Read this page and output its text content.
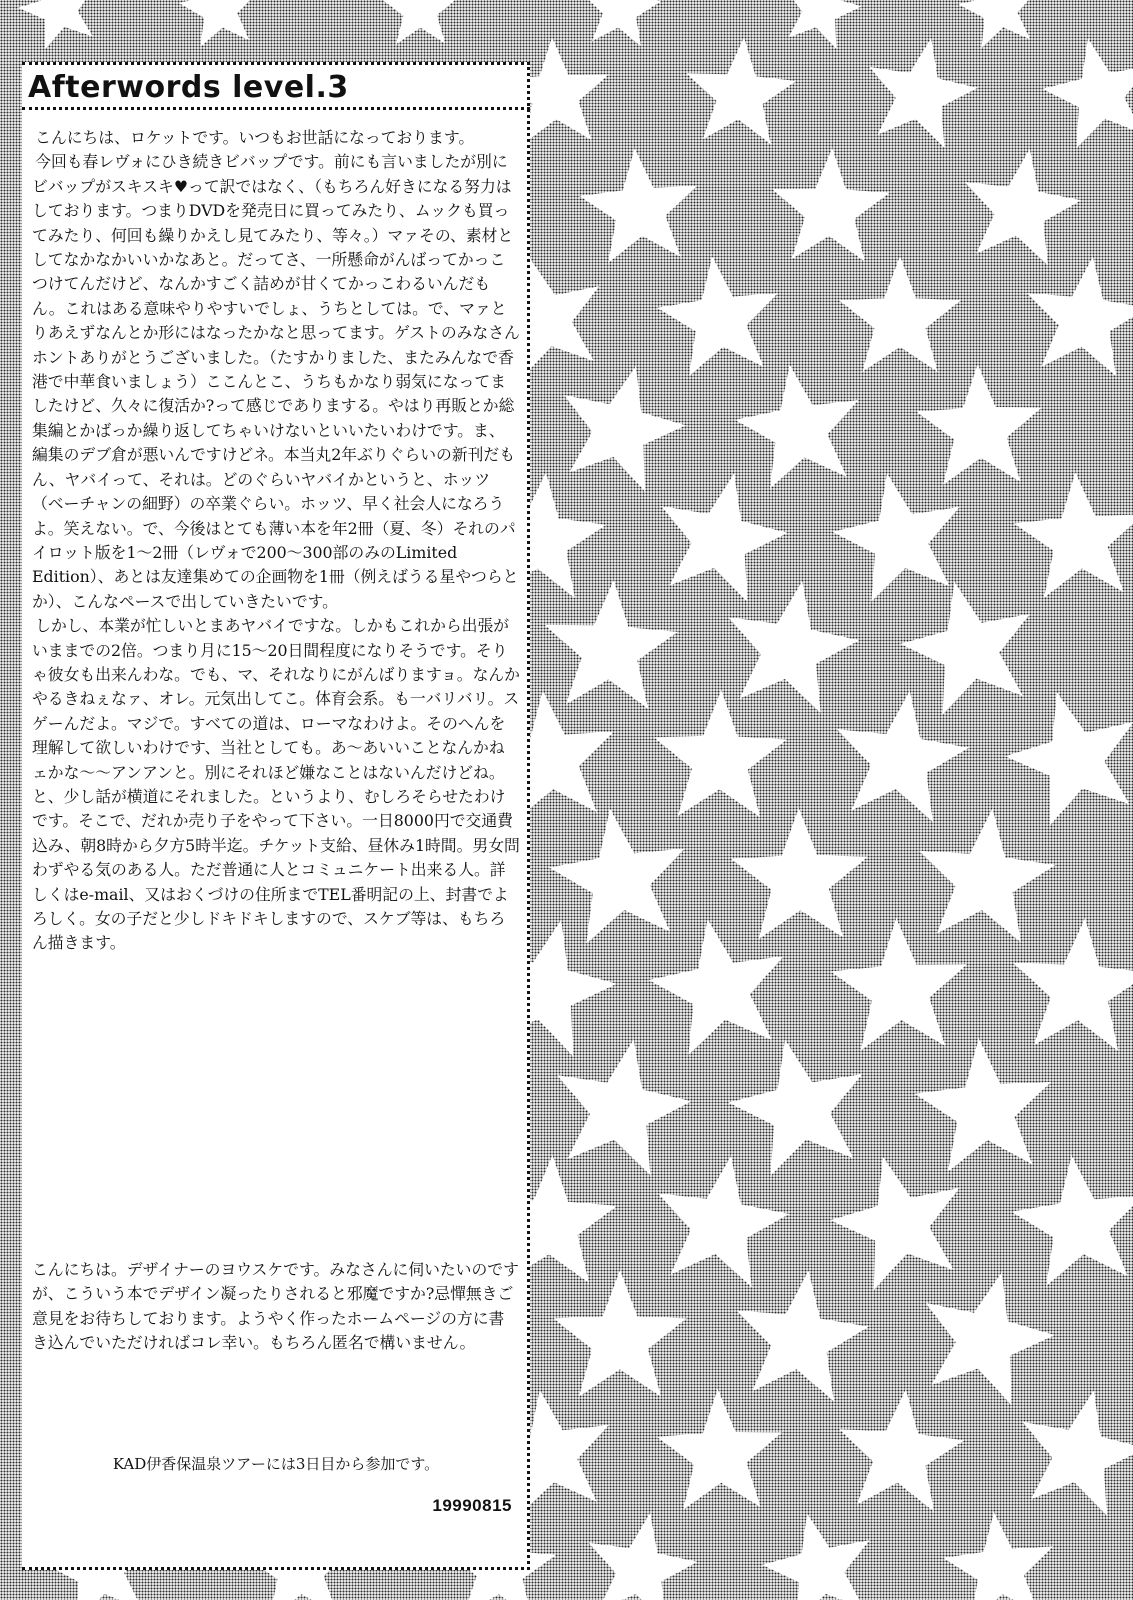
Afterwords level.3

こんにちは、ロケットです。いつもお世話になっております。

今回も春レヴォにひき続きビバップです。前にも言いましたが別にビバップがスキスキ♥って訳ではなく、（もちろん好きになる努力はしております。つまりDVDを発売日に買ってみたり、ムックも買ってみたり、何回も繰りかえし見てみたり、等々。）マァその、素材としてなかなかいいかなあと。だってさ、一所懸命がんばってかっこつけてんだけど、なんかすごく詰めが甘くてかっこわるいんだもん。これはある意味やりやすいでしょ、うちとしては。で、マァとりあえずなんとか形にはなったかなと思ってます。ゲストのみなさんホントありがとうございました。（たすかりました、またみんなで香港で中華食いましょう）ここんとこ、うちもかなり弱気になってましたけど、久々に復活か?って感じでありまする。やはり再販とか総集編とかばっか繰り返してちゃいけないといいたいわけです。ま、編集のデブ倉が悪いんですけどネ。本当丸2年ぶりぐらいの新刊だもん、ヤバイって、それは。どのぐらいヤバイかというと、ホッツ（ベーチャンの細野）の卒業ぐらい。ホッツ、早く社会人になろうよ。笑えない。で、今後はとても薄い本を年2冊（夏、冬）それのパイロット版を1～2冊（レヴォで200～300部のみのLimited Edition）、あとは友達集めての企画物を1冊（例えばうる星やつらとか）、こんなペースで出していきたいです。

しかし、本業が忙しいとまあヤバイですな。しかもこれから出張がいままでの2倍。つまり月に15～20日間程度になりそうです。そりゃ彼女も出来んわな。でも、マ、それなりにがんばりますョ。なんかやるきねぇなァ、オレ。元気出してこ。体育会系。も一バリバリ。スゲーんだよ。マジで。すべての道は、ローマなわけよ。そのへんを理解して欲しいわけです、当社としても。あ～あいいことなんかねェかな～～アンアンと。別にそれほど嫌なことはないんだけどね。と、少し話が横道にそれました。というより、むしろそらせたわけです。そこで、だれか売り子をやって下さい。一日8000円で交通費込み、朝8時から夕方5時半迄。チケット支給、昼休み1時間。男女問わずやる気のある人。ただ普通に人とコミュニケート出来る人。詳しくはe-mail、又はおくづけの住所までTEL番明記の上、封書でよろしく。女の子だと少しドキドキしますので、スケブ等は、もちろん描きます。

こんにちは。デザイナーのヨウスケです。みなさんに伺いたいのですが、こういう本でデザイン凝ったりされると邪魔ですか?忌憚無きご意見をお待ちしております。ようやく作ったホームページの方に書き込んでいただければコレ幸い。もちろん匿名で構いません。

KAD伊香保温泉ツアーには3日目から参加です。
19990815
